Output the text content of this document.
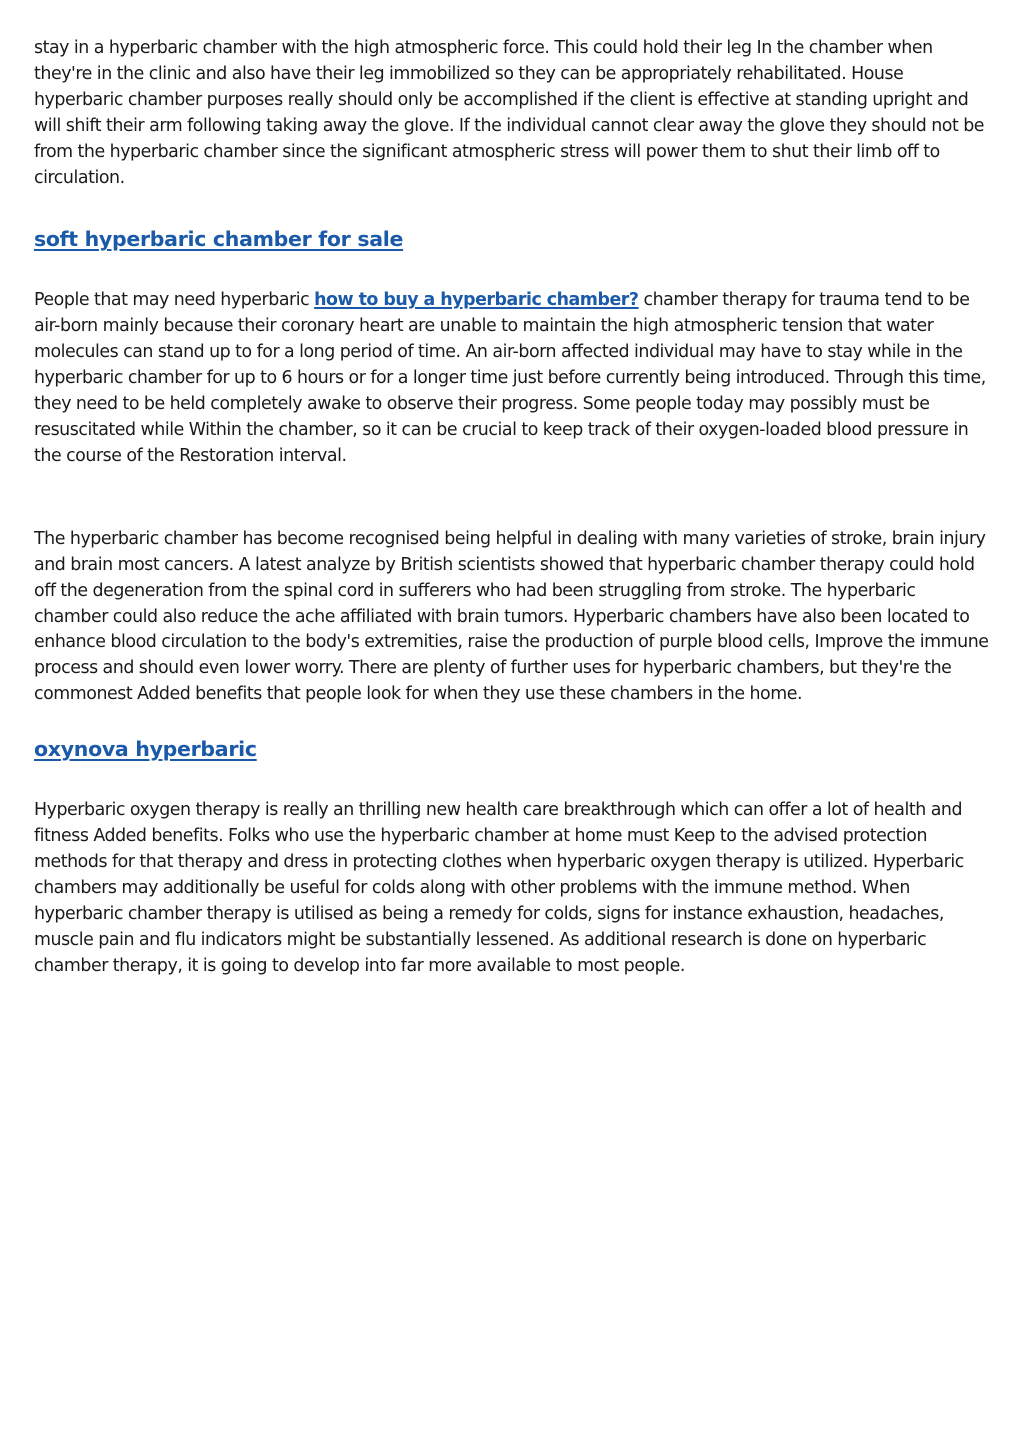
stay in a hyperbaric chamber with the high atmospheric force. This could hold their leg In the chamber when they're in the clinic and also have their leg immobilized so they can be appropriately rehabilitated. House hyperbaric chamber purposes really should only be accomplished if the client is effective at standing upright and will shift their arm following taking away the glove. If the individual cannot clear away the glove they should not be from the hyperbaric chamber since the significant atmospheric stress will power them to shut their limb off to circulation.

soft hyperbaric chamber for sale

People that may need hyperbaric how to buy a hyperbaric chamber? chamber therapy for trauma tend to be air-born mainly because their coronary heart are unable to maintain the high atmospheric tension that water molecules can stand up to for a long period of time. An air-born affected individual may have to stay while in the hyperbaric chamber for up to 6 hours or for a longer time just before currently being introduced. Through this time, they need to be held completely awake to observe their progress. Some people today may possibly must be resuscitated while Within the chamber, so it can be crucial to keep track of their oxygen-loaded blood pressure in the course of the Restoration interval.

The hyperbaric chamber has become recognised being helpful in dealing with many varieties of stroke, brain injury and brain most cancers. A latest analyze by British scientists showed that hyperbaric chamber therapy could hold off the degeneration from the spinal cord in sufferers who had been struggling from stroke. The hyperbaric chamber could also reduce the ache affiliated with brain tumors. Hyperbaric chambers have also been located to enhance blood circulation to the body's extremities, raise the production of purple blood cells, Improve the immune process and should even lower worry. There are plenty of further uses for hyperbaric chambers, but they're the commonest Added benefits that people look for when they use these chambers in the home.

oxynova hyperbaric

Hyperbaric oxygen therapy is really an thrilling new health care breakthrough which can offer a lot of health and fitness Added benefits. Folks who use the hyperbaric chamber at home must Keep to the advised protection methods for that therapy and dress in protecting clothes when hyperbaric oxygen therapy is utilized. Hyperbaric chambers may additionally be useful for colds along with other problems with the immune method. When hyperbaric chamber therapy is utilised as being a remedy for colds, signs for instance exhaustion, headaches, muscle pain and flu indicators might be substantially lessened. As additional research is done on hyperbaric chamber therapy, it is going to develop into far more available to most people.
